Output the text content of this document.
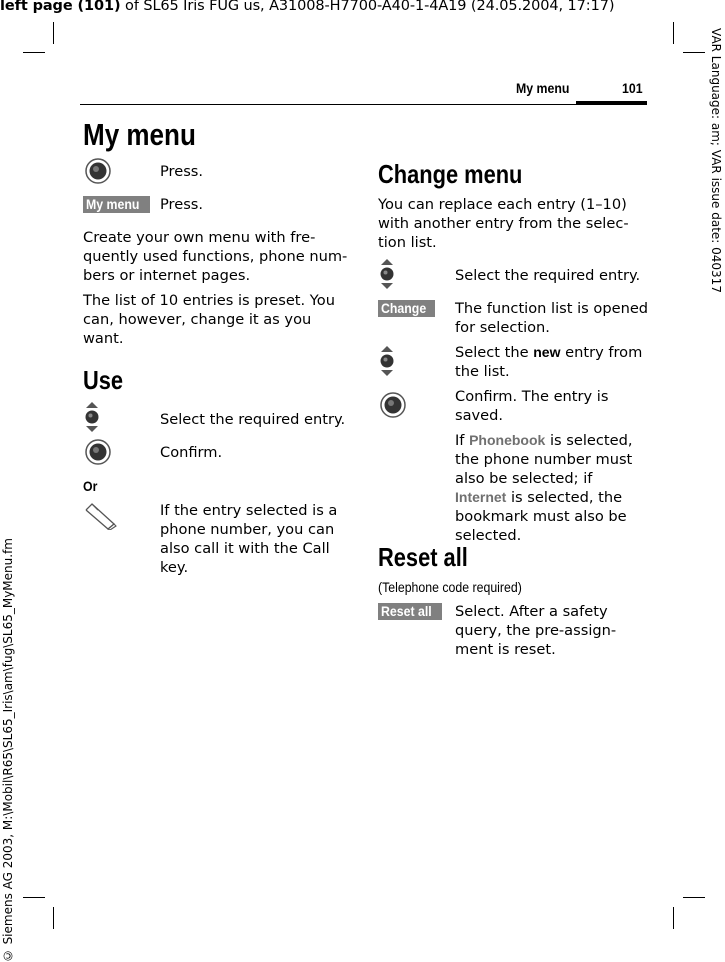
left page (101) of SL65 Iris FUG us, A31008-H7700-A40-1-4A19 (24.05.2004, 17:17)
VAR Language: am; VAR issue date: 040317
© Siemens AG 2003, M:\Mobil\R65\SL65_Iris\am\fug\SL65_MyMenu.fm
My menu	101
My menu
Press.
My menu	Press.
Create your own menu with fre-quently used functions, phone num-bers or internet pages.
The list of 10 entries is preset. You can, however, change it as you want.
Use
Select the required entry.
Confirm.
Or
If the entry selected is a phone number, you can also call it with the Call key.
Change menu
You can replace each entry (1–10) with another entry from the selec-tion list.
Select the required entry.
Change	The function list is opened for selection.
Select the new entry from the list.
Confirm. The entry is saved.
If Phonebook is selected, the phone number must also be selected; if Internet is selected, the bookmark must also be selected.
Reset all
(Telephone code required)
Reset all	Select. After a safety query, the pre-assign-ment is reset.
